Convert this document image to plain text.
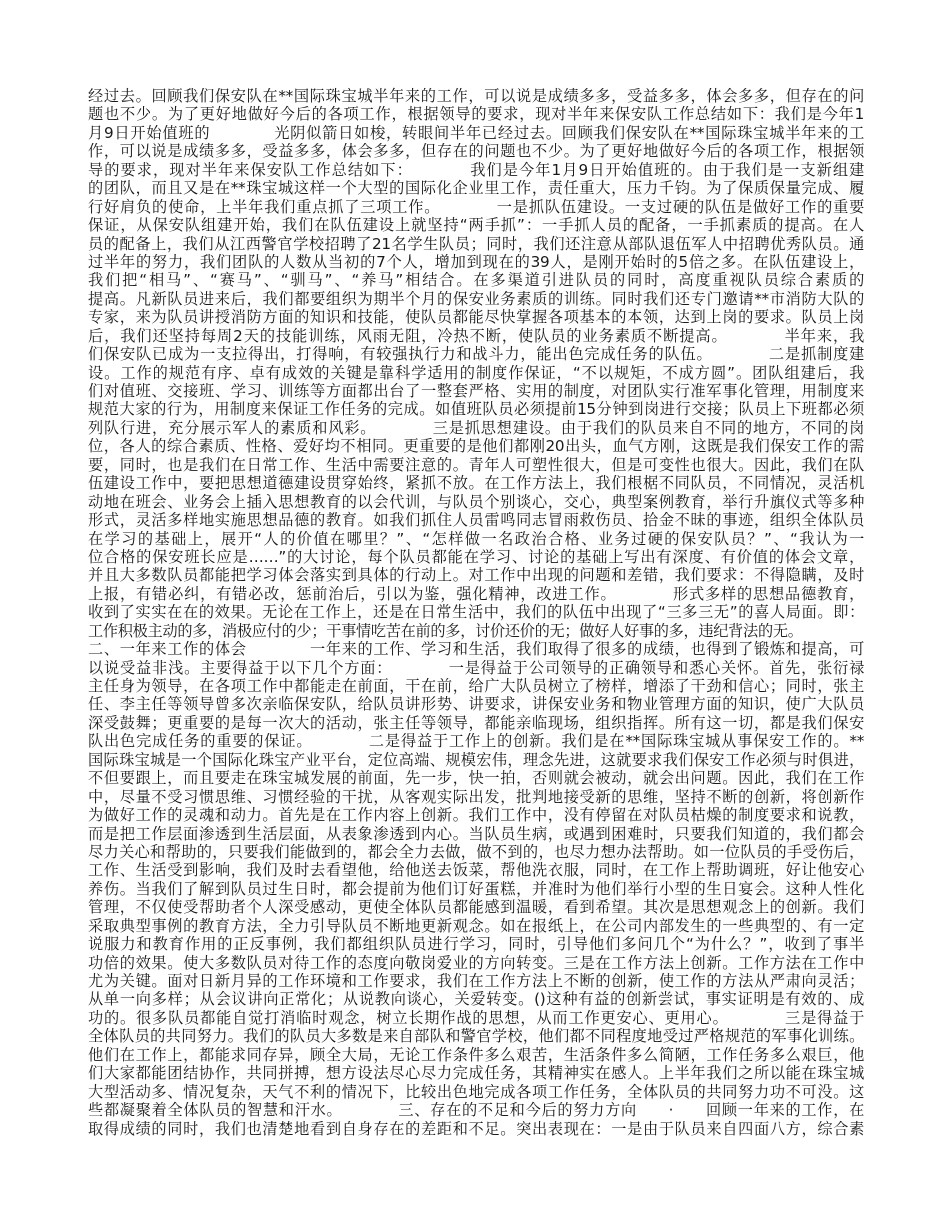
经过去。回顾我们保安队在**国际珠宝城半年来的工作，可以说是成绩多多，受益多多，体会多多，但存在的问
题也不少。为了更好地做好今后的各项工作，根据领导的要求，现对半年来保安队工作总结如下：我们是今年1
月9日开始值班的　　　　光阴似箭日如梭，转眼间半年已经过去。回顾我们保安队在**国际珠宝城半年来的工
作，可以说是成绩多多，受益多多，体会多多，但存在的问题也不少。为了更好地做好今后的各项工作，根据领
导的要求，现对半年来保安队工作总结如下：　　　　我们是今年1月9日开始值班的。由于我们是一支新组建
的团队，而且又是在**珠宝城这样一个大型的国际化企业里工作，责任重大，压力千钧。为了保质保量完成、履
行好肩负的使命，上半年我们重点抓了三项工作。　　　　一是抓队伍建设。一支过硬的队伍是做好工作的重要
保证，从保安队组建开始，我们在队伍建设上就坚持“两手抓”：一手抓人员的配备，一手抓素质的提高。在人
员的配备上，我们从江西警官学校招聘了21名学生队员；同时，我们还注意从部队退伍军人中招聘优秀队员。通
过半年的努力，我们团队的人数从当初的7个人，增加到现在的39人，是刚开始时的5倍之多。在队伍建设上，
我们把“相马”、“赛马”、“驯马”、“养马”相结合。在多渠道引进队员的同时，高度重视队员综合素质的
提高。凡新队员进来后，我们都要组织为期半个月的保安业务素质的训练。同时我们还专门邀请**市消防大队的
专家，来为队员讲授消防方面的知识和技能，使队员都能尽快掌握各项基本的本领，达到上岗的要求。队员上岗
后，我们还坚持每周2天的技能训练，风雨无阻，冷热不断，使队员的业务素质不断提高。　　　　半年来，我
们保安队已成为一支拉得出，打得响，有较强执行力和战斗力，能出色完成任务的队伍。　　　　二是抓制度建
设。工作的规范有序、卓有成效的关键是靠科学适用的制度作保证，“不以规矩，不成方圆”。团队组建后，我
们对值班、交接班、学习、训练等方面都出台了一整套严格、实用的制度，对团队实行准军事化管理，用制度来
规范大家的行为，用制度来保证工作任务的完成。如值班队员必须提前15分钟到岗进行交接；队员上下班都必须
列队行进，充分展示军人的素质和风彩。　　　　三是抓思想建设。由于我们的队员来自不同的地方，不同的岗
位，各人的综合素质、性格、爱好均不相同。更重要的是他们都刚20出头，血气方刚，这既是我们保安工作的需
要，同时，也是我们在日常工作、生活中需要注意的。青年人可塑性很大，但是可变性也很大。因此，我们在队
伍建设工作中，要把思想道德建设贯穿始终，紧抓不放。在工作方法上，我们根椐不同队员，不同情况，灵活机
动地在班会、业务会上插入思想教育的以会代训，与队员个别谈心，交心，典型案例教育，举行升旗仪式等多种
形式，灵活多样地实施思想品德的教育。如我们抓住人员雷鸣同志冒雨救伤员、拾金不昧的事迹，组织全体队员
在学习的基础上，展开“人的价值在哪里？”、“怎样做一名政治合格、业务过硬的保安队员？”、“我认为一
位合格的保安班长应是……”的大讨论，每个队员都能在学习、讨论的基础上写出有深度、有价值的体会文章，
并且大多数队员都能把学习体会落实到具体的行动上。对工作中出现的问题和差错，我们要求：不得隐瞒，及时
上报，有错必纠，有错必改，惩前治后，引以为鉴，强化精神，改进工作。　　　　形式多样的思想品德教育，
收到了实实在在的效果。无论在工作上，还是在日常生活中，我们的队伍中出现了“三多三无”的喜人局面。即：
工作积极主动的多，消极应付的少；干事情吃苦在前的多，讨价还价的无；做好人好事的多，违纪背法的无。
二、一年来工作的体会　　　　一年来的工作、学习和生活，我们取得了很多的成绩，也得到了锻炼和提高，可
以说受益非浅。主要得益于以下几个方面：　　　　一是得益于公司领导的正确领导和悉心关怀。首先，张衍禄
主任身为领导，在各项工作中都能走在前面，干在前，给广大队员树立了榜样，增添了干劲和信心；同时，张主
任、李主任等领导曾多次亲临保安队，给队员讲形势、讲要求，讲保安业务和物业管理方面的知识，使广大队员
深受鼓舞；更重要的是每一次大的活动，张主任等领导，都能亲临现场，组织指挥。所有这一切，都是我们保安
队出色完成任务的重要的保证。　　　　二是得益于工作上的创新。我们是在**国际珠宝城从事保安工作的。**
国际珠宝城是一个国际化珠宝产业平台，定位高端、规模宏伟，理念先进，这就要求我们保安工作必须与时俱进，
不但要跟上，而且要走在珠宝城发展的前面，先一步，快一拍，否则就会被动，就会出问题。因此，我们在工作
中，尽量不受习惯思维、习惯经验的干扰，从客观实际出发，批判地接受新的思维，坚持不断的创新，将创新作
为做好工作的灵魂和动力。首先是在工作内容上创新。我们工作中，没有停留在对队员枯燥的制度要求和说教，
而是把工作层面渗透到生活层面，从表象渗透到内心。当队员生病，或遇到困难时，只要我们知道的，我们都会
尽力关心和帮助的，只要我们能做到的，都会全力去做，做不到的，也尽力想办法帮助。如一位队员的手受伤后，
工作、生活受到影响，我们及时去看望他，给他送去饭菜，帮他洗衣服，同时，在工作上帮助调班，好让他安心
养伤。当我们了解到队员过生日时，都会提前为他们订好蛋糕，并准时为他们举行小型的生日宴会。这种人性化
管理，不仅使受帮助者个人深受感动，更使全体队员都能感到温暖，看到希望。其次是思想观念上的创新。我们
采取典型事例的教育方法，全力引导队员不断地更新观念。如在报纸上，在公司内部发生的一些典型的、有一定
说服力和教育作用的正反事例，我们都组织队员进行学习，同时，引导他们多问几个“为什么？”，收到了事半
功倍的效果。使大多数队员对待工作的态度向敬岗爱业的方向转变。三是在工作方法上创新。工作方法在工作中
尤为关键。面对日新月异的工作环境和工作要求，我们在工作方法上不断的创新，使工作的方法从严肃向灵活；
从单一向多样；从会议讲向正常化；从说教向谈心，关爱转变。()这种有益的创新尝试，事实证明是有效的、成
功的。很多队员都能自觉打消临时观念，树立长期作战的思想，从而工作更安心、更用心。　　　　三是得益于
全体队员的共同努力。我们的队员大多数是来自部队和警官学校，他们都不同程度地受过严格规范的军事化训练。
他们在工作上，都能求同存异，顾全大局，无论工作条件多么艰苦，生活条件多么简陋，工作任务多么艰巨，他
们大家都能团结协作，共同拼搏，想方设法尽心尽力完成任务，其精神实在感人。上半年我们之所以能在珠宝城
大型活动多、情况复杂，天气不利的情况下，比较出色地完成各项工作任务，全体队员的共同努力功不可没。这
些都凝聚着全体队员的智慧和汗水。　　　　三、存在的不足和今后的努力方向　　·　　回顾一年来的工作，在
取得成绩的同时，我们也清楚地看到自身存在的差距和不足。突出表现在：一是由于队员来自四面八方，综合素
